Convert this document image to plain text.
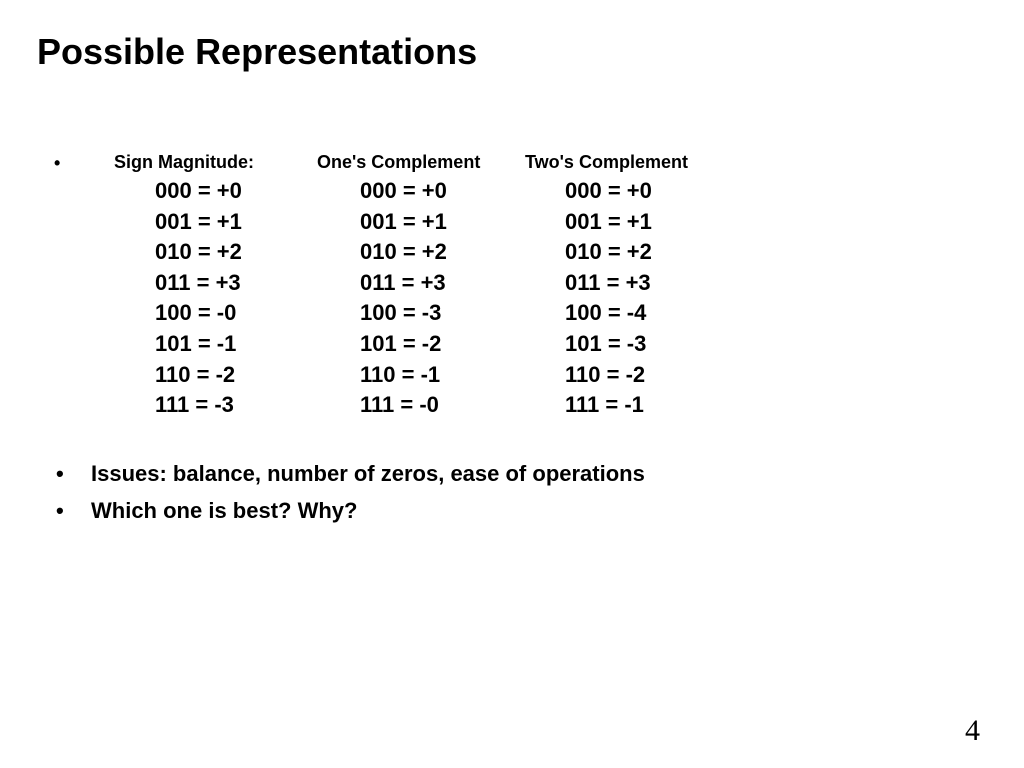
Possible Representations
•	Sign Magnitude:	One's Complement Two's Complement
000 = +0
001 = +1
010 = +2
011 = +3
100 = -0
101 = -1
110 = -2
111 = -3
000 = +0
001 = +1
010 = +2
011 = +3
100 = -3
101 = -2
110 = -1
111 = -0
000 = +0
001 = +1
010 = +2
011 = +3
100 = -4
101 = -3
110 = -2
111 = -1
• Issues: balance, number of zeros, ease of operations
• Which one is best? Why?
4
